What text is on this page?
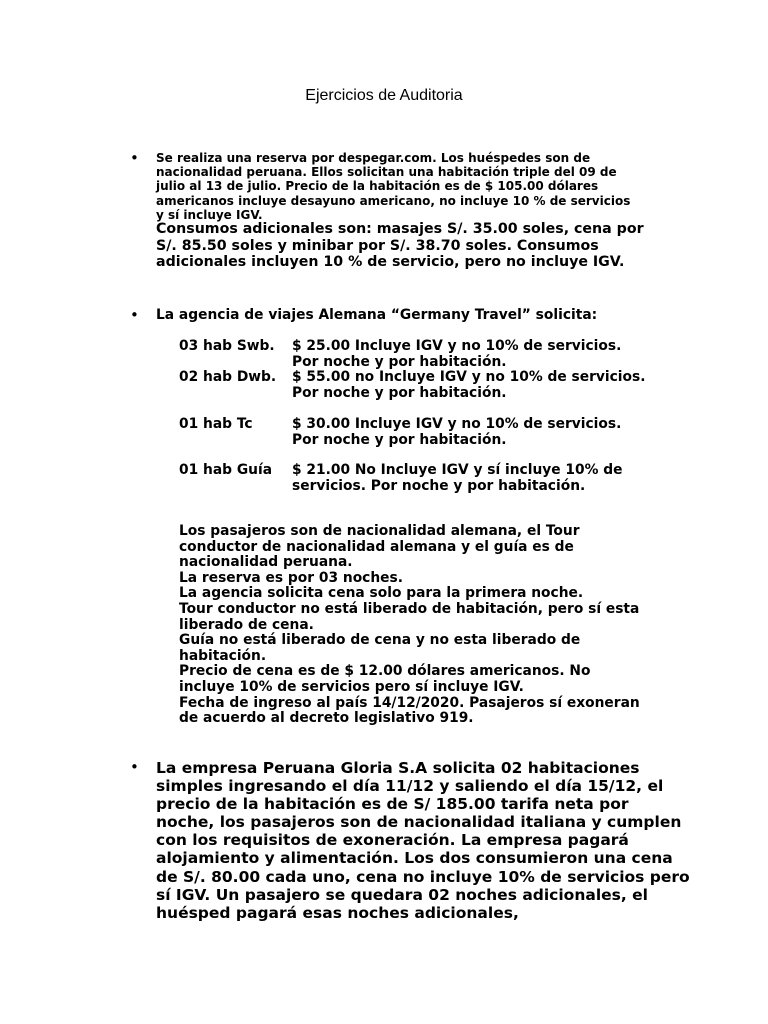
Ejercicios de Auditoria
• Se realiza una reserva por despegar.com. Los huéspedes son de nacionalidad peruana. Ellos solicitan una habitación triple del 09 de julio al 13 de julio. Precio de la habitación es de $ 105.00 dólares americanos incluye desayuno americano, no incluye 10 % de servicios y sí incluye IGV.

Consumos adicionales son: masajes S/. 35.00 soles, cena por S/. 85.50 soles y minibar por S/. 38.70 soles. Consumos adicionales incluyen 10 % de servicio, pero no incluye IGV.

• La agencia de viajes Alemana “Germany Travel” solicita:

03 hab Swb. $ 25.00 Incluye IGV y no 10% de servicios.
Por noche y por habitación.
02 hab Dwb. $ 55.00 no Incluye IGV y no 10% de servicios.
Por noche y por habitación.
01 hab Tc	$ 30.00 Incluye IGV y no 10% de servicios.
Por noche y por habitación.
01 hab Guía $ 21.00 No Incluye IGV y sí incluye 10% de
servicios. Por noche y por habitación.
Los pasajeros son de nacionalidad alemana, el Tour
conductor de nacionalidad alemana y el guía es de
nacionalidad peruana.
La reserva es por 03 noches.
La agencia solicita cena solo para la primera noche.
Tour conductor no está liberado de habitación, pero sí esta
liberado de cena.
Guía no está liberado de cena y no esta liberado de
habitación.
Precio de cena es de $ 12.00 dólares americanos. No
incluye 10% de servicios pero sí incluye IGV.
Fecha de ingreso al país 14/12/2020. Pasajeros sí exoneran
de acuerdo al decreto legislativo 919.
• La empresa Peruana Gloria S.A solicita 02 habitaciones simples ingresando el día 11/12 y saliendo el día 15/12, el precio de la habitación es de S/ 185.00 tarifa neta por noche, los pasajeros son de nacionalidad italiana y cumplen con los requisitos de exoneración. La empresa pagará alojamiento y alimentación. Los dos consumieron una cena de S/. 80.00 cada uno, cena no incluye 10% de servicios pero sí IGV. Un pasajero se quedara 02 noches adicionales, el huésped pagará esas noches adicionales,
